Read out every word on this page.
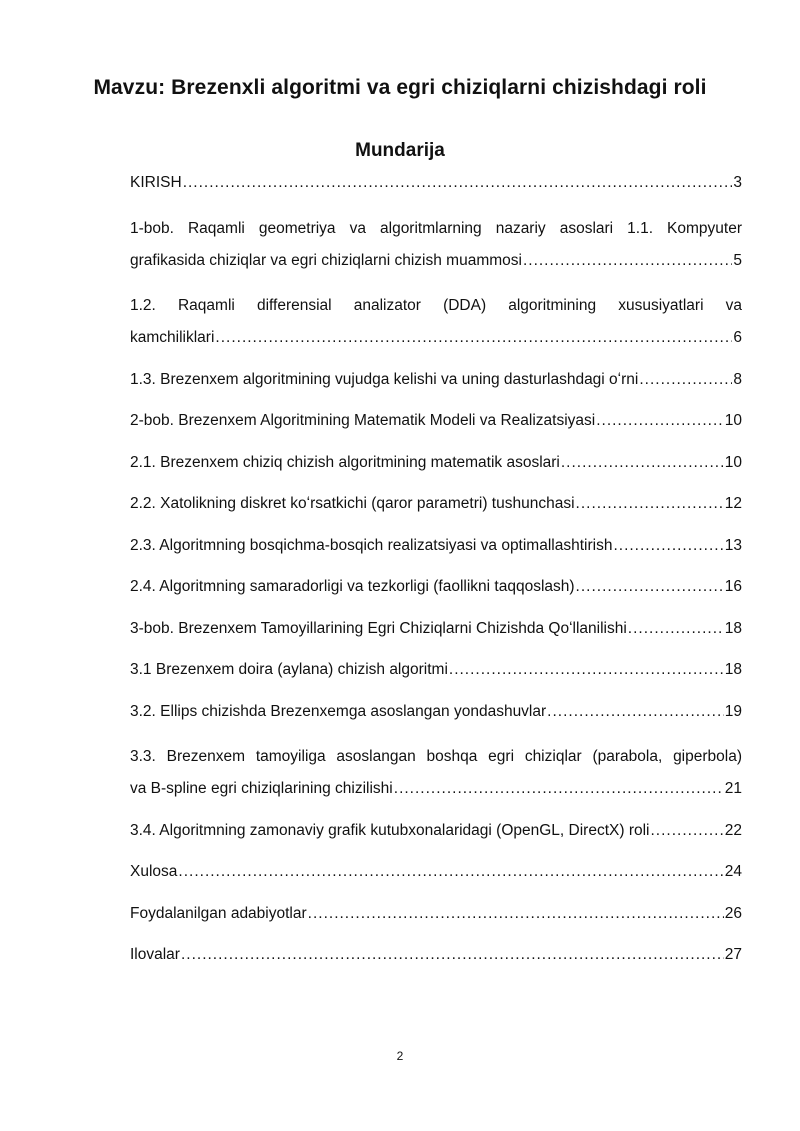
Mavzu: Brezenxli algoritmi va egri chiziqlarni chizishdagi roli
Mundarija
KIRISH .....	3
1-bob. Raqamli geometriya va algoritmlarning nazariy asoslari 1.1. Kompyuter
grafikasida chiziqlar va egri chiziqlarni chizish muammosi .....	5
1.2. Raqamli differensial analizator (DDA) algoritmining xususiyatlari va
kamchiliklari .....	6
1.3. Brezenxem algoritmining vujudga kelishi va uning dasturlashdagi oʻrni .....	8
2-bob. Brezenxem Algoritmining Matematik Modeli va Realizatsiyasi .....	10
2.1. Brezenxem chiziq chizish algoritmining matematik asoslari .....	10
2.2. Xatolikning diskret koʻrsatkichi (qaror parametri) tushunchasi .....	12
2.3. Algoritmning bosqichma-bosqich realizatsiyasi va optimallashtirish .....	13
2.4. Algoritmning samaradorligi va tezkorligi (faollikni taqqoslash) .....	16
3-bob. Brezenxem Tamoyillarining Egri Chiziqlarni Chizishda Qoʻllanilishi .....	18
3.1 Brezenxem doira (aylana) chizish algoritmi .....	18
3.2. Ellips chizishda Brezenxemga asoslangan yondashuvlar .....	19
3.3. Brezenxem tamoyiliga asoslangan boshqa egri chiziqlar (parabola, giperbola)
va B-spline egri chiziqlarining chizilishi .....	21
3.4. Algoritmning zamonaviy grafik kutubxonalaridagi (OpenGL, DirectX) roli .....	22
Xulosa .....	24
Foydalanilgan adabiyotlar .....	26
Ilovalar .....	27
2
